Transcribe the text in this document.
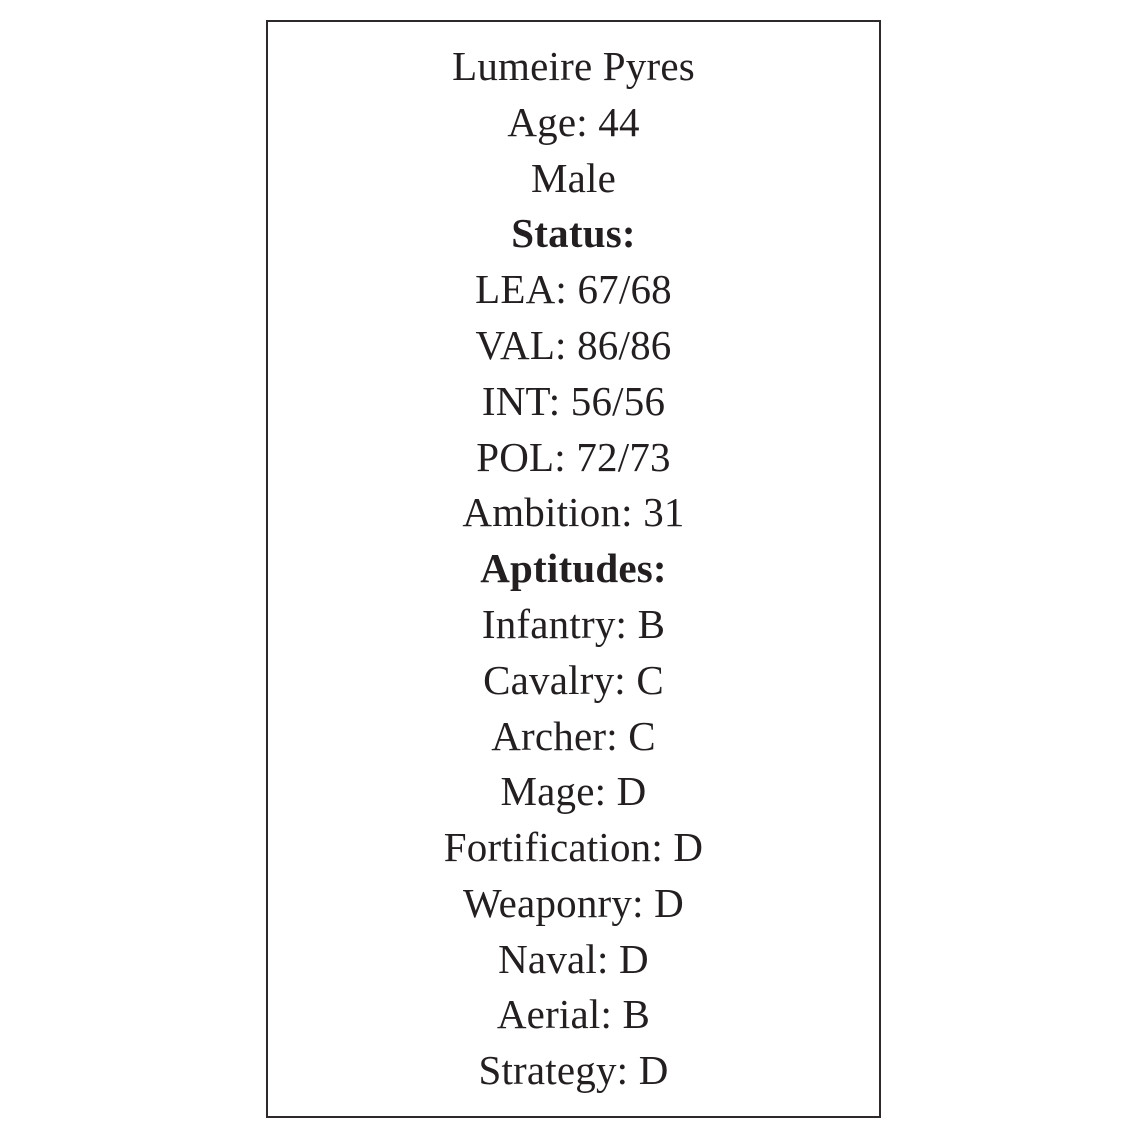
Lumeire Pyres
Age: 44
Male
Status:
LEA: 67/68
VAL: 86/86
INT: 56/56
POL: 72/73
Ambition: 31
Aptitudes:
Infantry: B
Cavalry: C
Archer: C
Mage: D
Fortification: D
Weaponry: D
Naval: D
Aerial: B
Strategy: D
